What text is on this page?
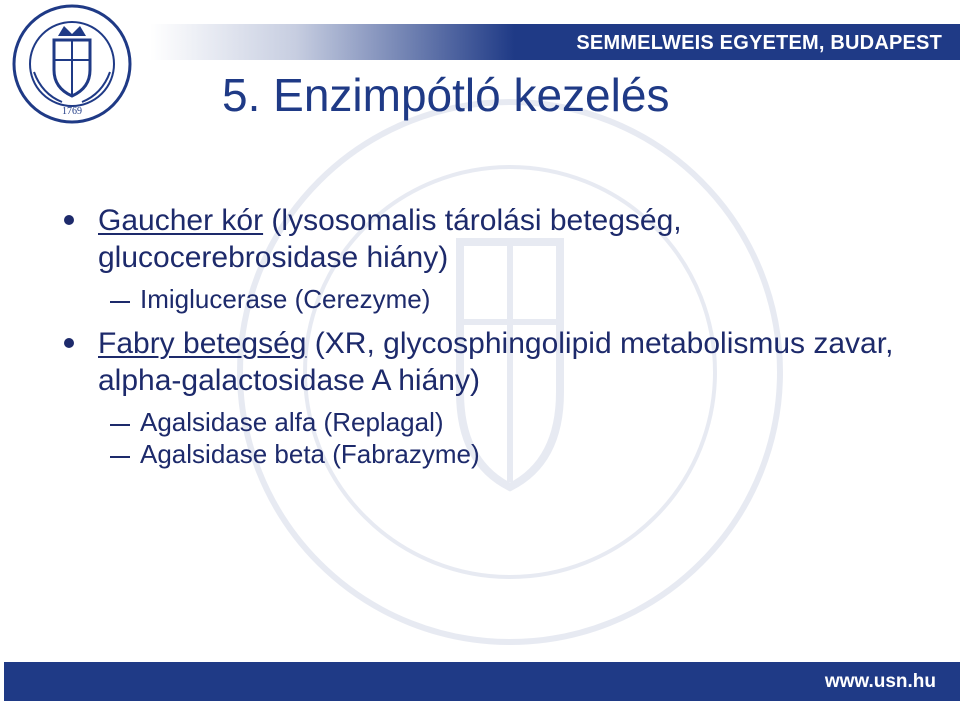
SEMMELWEIS EGYETEM, BUDAPEST
1769	5. Enzimpótló kezelés
Gaucher kór (lysosomalis tárolási betegség, glucocerebrosidase hiány)
Imiglucerase (Cerezyme)
Fabry betegség (XR, glycosphingolipid metabolismus zavar, alpha-galactosidase A hiány)
Agalsidase alfa (Replagal)
Agalsidase beta (Fabrazyme)
www.usn.hu
